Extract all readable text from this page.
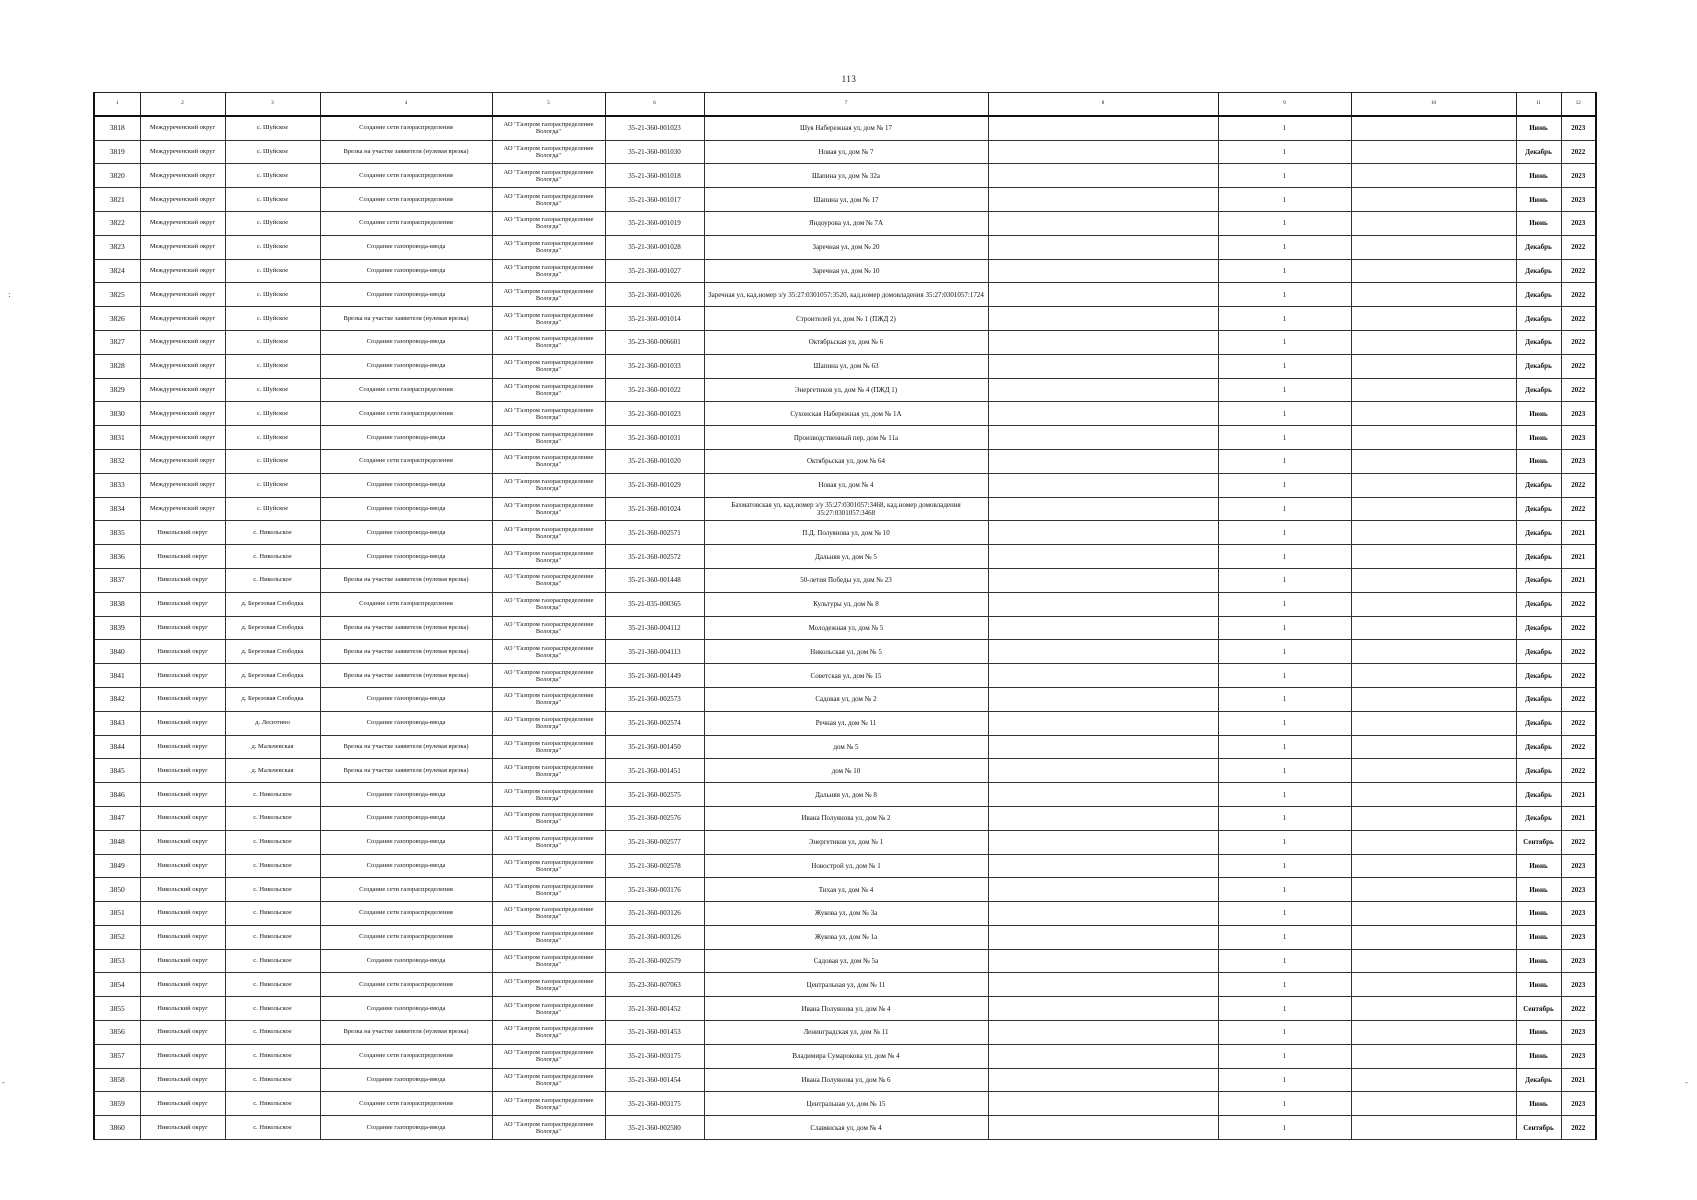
113
1	2	3	4	5	6	7	8	9	10	11	12
3818	Междуреченский округ	с. Шуйское	Создание сети газораспределения	АО "Газпром газораспределение Вологда"	35-21-360-001023	Шуя Набережная ул, дом № 17		1		Июнь	2023
3819	Междуреченский округ	с. Шуйское	Врезка на участке заявителя (нулевая врезка)	АО "Газпром газораспределение Вологда"	35-21-360-001030	Новая ул, дом № 7		1		Декабрь	2022
3820	Междуреченский округ	с. Шуйское	Создание сети газораспределения	АО "Газпром газораспределение Вологда"	35-21-360-001018	Шапина ул, дом № 32а		1		Июнь	2023
3821	Междуреченский округ	с. Шуйское	Создание сети газораспределения	АО "Газпром газораспределение Вологда"	35-21-360-001017	Шапина ул, дом № 17		1		Июнь	2023
3822	Междуреченский округ	с. Шуйское	Создание сети газораспределения	АО "Газпром газораспределение Вологда"	35-21-360-001019	Яндоурова ул, дом № 7А		1		Июнь	2023
3823	Междуреченский округ	с. Шуйское	Создание газопровода-ввода	АО "Газпром газораспределение Вологда"	35-21-360-001028	Заречная ул, дом № 20		1		Декабрь	2022
3824	Междуреченский округ	с. Шуйское	Создание газопровода-ввода	АО "Газпром газораспределение Вологда"	35-21-360-001027	Заречная ул, дом № 10		1		Декабрь	2022
3825	Междуреченский округ	с. Шуйское	Создание газопровода-ввода	АО "Газпром газораспределение Вологда"	35-21-360-001026	Заречная ул, кад.номер з/у 35:27:0301057:3520, кад.номер домовладения 35:27:0301057:1724		1		Декабрь	2022
3826	Междуреченский округ	с. Шуйское	Врезка на участке заявителя (нулевая врезка)	АО "Газпром газораспределение Вологда"	35-21-360-001014	Строителей ул, дом № 1 (ПЖД 2)		1		Декабрь	2022
3827	Междуреченский округ	с. Шуйское	Создание газопровода-ввода	АО "Газпром газораспределение Вологда"	35-23-360-006601	Октябрьская ул, дом № 6		1		Декабрь	2022
3828	Междуреченский округ	с. Шуйское	Создание газопровода-ввода	АО "Газпром газораспределение Вологда"	35-21-360-001033	Шапина ул, дом № 63		1		Декабрь	2022
3829	Междуреченский округ	с. Шуйское	Создание сети газораспределения	АО "Газпром газораспределение Вологда"	35-21-360-001022	Энергетиков ул, дом № 4 (ПЖД 1)		1		Декабрь	2022
3830	Междуреченский округ	с. Шуйское	Создание сети газораспределения	АО "Газпром газораспределение Вологда"	35-21-360-001023	Сухонская Набережная ул, дом № 1А		1		Июнь	2023
3831	Междуреченский округ	с. Шуйское	Создание газопровода-ввода	АО "Газпром газораспределение Вологда"	35-21-360-001031	Производственный пер, дом № 11а		1		Июнь	2023
3832	Междуреченский округ	с. Шуйское	Создание сети газораспределения	АО "Газпром газораспределение Вологда"	35-21-360-001020	Октябрьская ул, дом № 64		1		Июнь	2023
3833	Междуреченский округ	с. Шуйское	Создание газопровода-ввода	АО "Газпром газораспределение Вологда"	35-21-360-001029	Новая ул, дом № 4		1		Декабрь	2022
3834	Междуреченский округ	с. Шуйское	Создание газопровода-ввода	АО "Газпром газораспределение Вологда"	35-21-360-001024	Бахматовская ул, кад.номер з/у 35:27:0301057:3468, кад.номер домовладения 35:27:0301057:3468		1		Декабрь	2022
3835	Никольский округ	с. Никольское	Создание газопровода-ввода	АО "Газпром газораспределение Вологда"	35-21-360-002571	П.Д. Полуянова ул, дом № 10		1		Декабрь	2021
3836	Никольский округ	с. Никольское	Создание газопровода-ввода	АО "Газпром газораспределение Вологда"	35-21-360-002572	Дальняя ул, дом № 5		1		Декабрь	2021
3837	Никольский округ	с. Никольское	Врезка на участке заявителя (нулевая врезка)	АО "Газпром газораспределение Вологда"	35-21-360-001448	50-летия Победы ул, дом № 23		1		Декабрь	2021
3838	Никольский округ	д. Березовая Слободка	Создание сети газораспределения	АО "Газпром газораспределение Вологда"	35-21-035-000365	Культуры ул, дом № 8		1		Декабрь	2022
3839	Никольский округ	д. Березовая Слободка	Врезка на участке заявителя (нулевая врезка)	АО "Газпром газораспределение Вологда"	35-21-360-004112	Молодежная ул, дом № 5		1		Декабрь	2022
3840	Никольский округ	д. Березовая Слободка	Врезка на участке заявителя (нулевая врезка)	АО "Газпром газораспределение Вологда"	35-21-360-004113	Никольская ул, дом № 5		1		Декабрь	2022
3841	Никольский округ	д. Березовая Слободка	Врезка на участке заявителя (нулевая врезка)	АО "Газпром газораспределение Вологда"	35-21-360-001449	Советская ул, дом № 15		1		Декабрь	2022
3842	Никольский округ	д. Березовая Слободка	Создание газопровода-ввода	АО "Газпром газораспределение Вологда"	35-21-360-002573	Садовая ул, дом № 2		1		Декабрь	2022
3843	Никольский округ	д. Лесютино	Создание газопровода-ввода	АО "Газпром газораспределение Вологда"	35-21-360-002574	Речная ул, дом № 11		1		Декабрь	2022
3844	Никольский округ	д. Мальчевская	Врезка на участке заявителя (нулевая врезка)	АО "Газпром газораспределение Вологда"	35-21-360-001450	дом № 5		1		Декабрь	2022
3845	Никольский округ	д. Мальчевская	Врезка на участке заявителя (нулевая врезка)	АО "Газпром газораспределение Вологда"	35-21-360-001451	дом № 10		1		Декабрь	2022
3846	Никольский округ	с. Никольское	Создание газопровода-ввода	АО "Газпром газораспределение Вологда"	35-21-360-002575	Дальняя ул, дом № 8		1		Декабрь	2021
3847	Никольский округ	с. Никольское	Создание газопровода-ввода	АО "Газпром газораспределение Вологда"	35-21-360-002576	Ивана Полуянова ул, дом № 2		1		Декабрь	2021
3848	Никольский округ	с. Никольское	Создание газопровода-ввода	АО "Газпром газораспределение Вологда"	35-21-360-002577	Энергетиков ул, дом № 1		1		Сентябрь	2022
3849	Никольский округ	с. Никольское	Создание газопровода-ввода	АО "Газпром газораспределение Вологда"	35-21-360-002578	Новострой ул, дом № 1		1		Июнь	2023
3850	Никольский округ	с. Никольское	Создание сети газораспределения	АО "Газпром газораспределение Вологда"	35-21-360-003176	Тихая ул, дом № 4		1		Июнь	2023
3851	Никольский округ	с. Никольское	Создание сети газораспределения	АО "Газпром газораспределение Вологда"	35-21-360-003126	Жукова ул, дом № 3а		1		Июнь	2023
3852	Никольский округ	с. Никольское	Создание сети газораспределения	АО "Газпром газораспределение Вологда"	35-21-360-003126	Жукова ул, дом № 1а		1		Июнь	2023
3853	Никольский округ	с. Никольское	Создание газопровода-ввода	АО "Газпром газораспределение Вологда"	35-21-360-002579	Садовая ул, дом № 5а		1		Июнь	2023
3854	Никольский округ	с. Никольское	Создание сети газораспределения	АО "Газпром газораспределение Вологда"	35-23-360-007063	Центральная ул, дом № 11		1		Июнь	2023
3855	Никольский округ	с. Никольское	Создание газопровода-ввода	АО "Газпром газораспределение Вологда"	35-21-360-001452	Ивана Полуянова ул, дом № 4		1		Сентябрь	2022
3856	Никольский округ	с. Никольское	Врезка на участке заявителя (нулевая врезка)	АО "Газпром газораспределение Вологда"	35-21-360-001453	Ленинградская ул, дом № 11		1		Июнь	2023
3857	Никольский округ	с. Никольское	Создание сети газораспределения	АО "Газпром газораспределение Вологда"	35-21-360-003175	Владимира Сумарокова ул, дом № 4		1		Июнь	2023
3858	Никольский округ	с. Никольское	Создание газопровода-ввода	АО "Газпром газораспределение Вологда"	35-21-360-001454	Ивана Полуянова ул, дом № 6		1		Декабрь	2021
3859	Никольский округ	с. Никольское	Создание сети газораспределения	АО "Газпром газораспределение Вологда"	35-21-360-003175	Центральная ул, дом № 15		1		Июнь	2023
3860	Никольский округ	с. Никольское	Создание газопровода-ввода	АО "Газпром газораспределение Вологда"	35-21-360-002580	Славянская ул, дом № 4		1		Сентябрь	2022
:
-	-
